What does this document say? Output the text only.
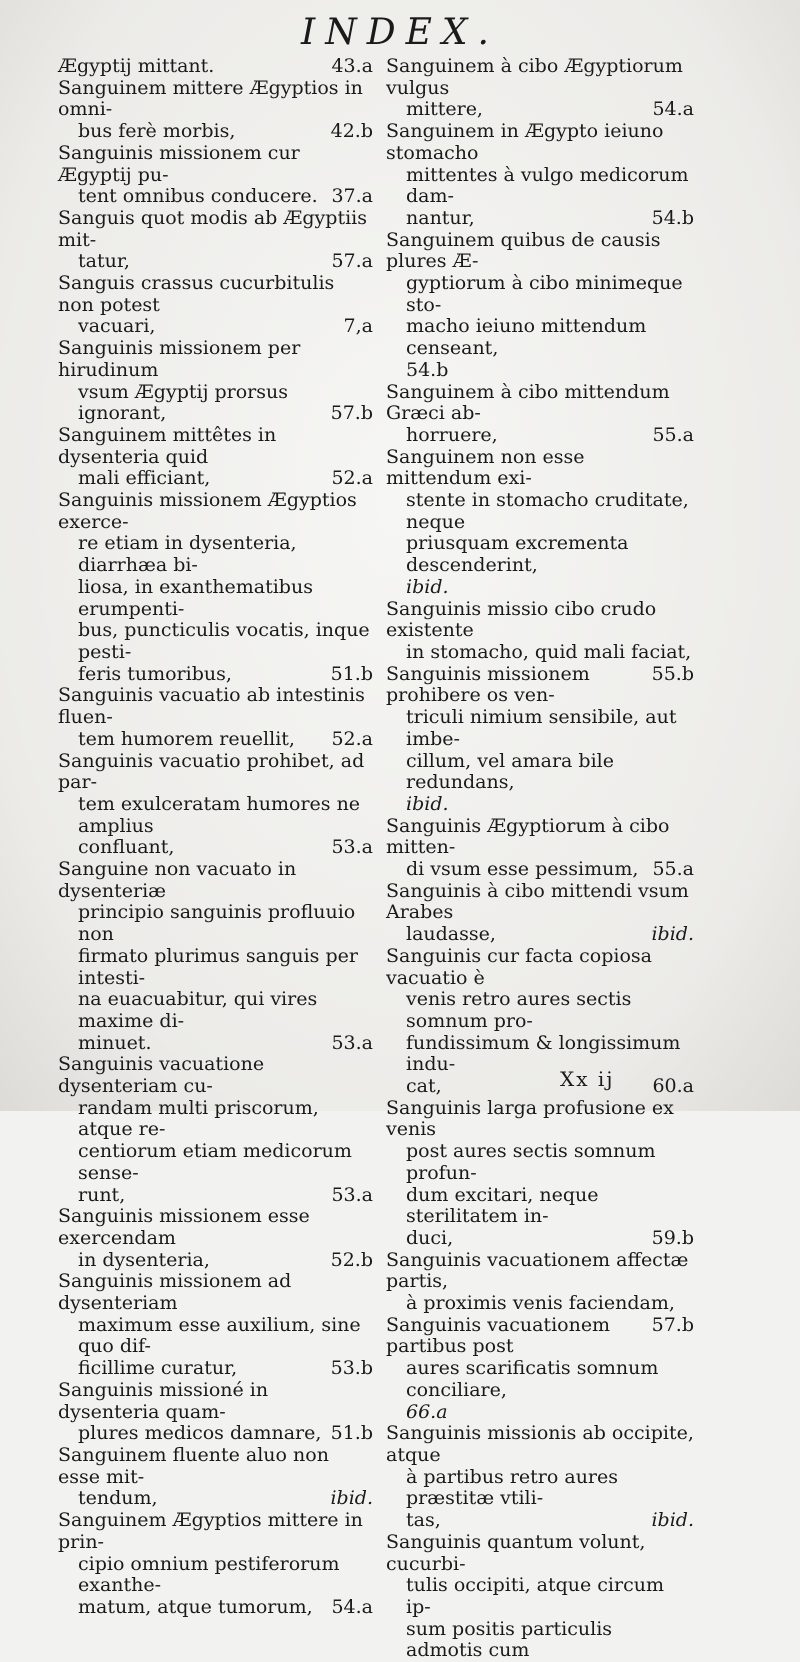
INDEX.
Ægyptij mittant.	43.a
Sanguinem mittere Ægyptios in omni-
bus ferè morbis,	42.b
Sanguinis missionem cur Ægyptij pu-
tent omnibus conducere. 37.a
Sanguis quot modis ab Ægyptiis mit-
tatur,	57.a
Sanguis crassus cucurbitulis non potest
vacuari,	7,a
Sanguinis missionem per hirudinum
vsum Ægyptij prorsus ignorant,	57.b
Sanguinem mittêtes in dysenteria quid
mali efficiant,	52.a
Sanguinis missionem Ægyptios exerce-
re etiam in dysenteria, diarrhæa bi-
liosa, in exanthematibus erumpenti-
bus, puncticulis vocatis, inque pesti-
feris tumoribus,	51.b
Sanguinis vacuatio ab intestinis fluen-
tem humorem reuellit, 52.a
Sanguinis vacuatio prohibet, ad par-
tem exulceratam humores ne amplius
confluant,	53.a
Sanguine non vacuato in dysenteriæ
principio sanguinis profluuio non
firmato plurimus sanguis per intesti-
na euacuabitur, qui vires maxime di-
minuet.	53.a
Sanguinis vacuatione dysenteriam cu-
randam multi priscorum, atque re-
centiorum etiam medicorum sense-
runt,	53.a
Sanguinis missionem esse exercendam
in dysenteria,	52.b
Sanguinis missionem ad dysenteriam
maximum esse auxilium, sine quo dif-
ficillime curatur,	53.b
Sanguinis missioné in dysenteria quam-
plures medicos damnare, 51.b
Sanguinem fluente aluo non esse mit-
tendum,	ibid.
Sanguinem Ægyptios mittere in prin-
cipio omnium pestiferorum exanthe-
matum, atque tumorum, 54.a
Sanguinem à cibo Ægyptiorum vulgus
mittere,	54.a
Sanguinem in Ægypto ieiuno stomacho
mittentes à vulgo medicorum dam-
nantur,	54.b
Sanguinem quibus de causis plures Æ-
gyptiorum à cibo minimeque sto-
macho ieiuno mittendum censeant,
54.b
Sanguinem à cibo mittendum Græci ab-
horruere,	55.a
Sanguinem non esse mittendum exi-
stente in stomacho cruditate, neque
priusquam excrementa descenderint,
ibid.
Sanguinis missio cibo crudo existente
in stomacho, quid mali faciat,
55.b
Sanguinis missionem prohibere os ven-
triculi nimium sensibile, aut imbe-
cillum, vel amara bile redundans,
ibid.
Sanguinis Ægyptiorum à cibo mitten-
di vsum esse pessimum, 55.a
Sanguinis à cibo mittendi vsum Arabes
laudasse,	ibid.
Sanguinis cur facta copiosa vacuatio è
venis retro aures sectis somnum pro-
fundissimum & longissimum indu-
cat,	60.a
Sanguinis larga profusione ex venis
post aures sectis somnum profun-
dum excitari, neque sterilitatem in-
duci,	59.b
Sanguinis vacuationem affectæ partis,
à proximis venis faciendam,
57.b
Sanguinis vacuationem partibus post
aures scarificatis somnum conciliare,
66.a
Sanguinis missionis ab occipite, atque
à partibus retro aures præstitæ vtili-
tas,	ibid.
Sanguinis quantum volunt, cucurbi-
tulis occipiti, atque circum ip-
sum positis particulis admotis cum
Xx ij
